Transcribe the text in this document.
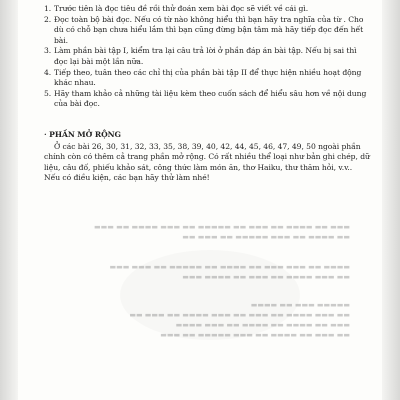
▬▬▬ ▬▬ ▬▬▬▬ ▬▬ ▬▬▬ ▬▬ ▬▬▬▬▬ ▬▬ ▬▬▬ ▬▬▬▬ ▬▬ ▬▬▬
▬▬ ▬▬▬▬ ▬▬ ▬▬▬ ▬▬▬▬▬ ▬▬ ▬▬▬ ▬▬
▬▬▬▬ ▬▬ ▬▬▬ ▬▬▬ ▬▬ ▬▬▬▬ ▬▬ ▬▬▬▬▬ ▬▬ ▬▬▬ ▬▬▬
▬▬ ▬▬▬ ▬▬▬▬ ▬▬ ▬▬▬ ▬▬ ▬▬▬▬ ▬▬▬
▬▬▬▬▬ ▬▬▬ ▬▬ ▬▬▬▬
▬▬ ▬▬▬ ▬▬▬▬ ▬▬ ▬▬▬ ▬▬ ▬▬▬ ▬▬▬▬ ▬▬ ▬▬▬ ▬▬
▬▬▬ ▬▬ ▬▬▬▬ ▬▬ ▬▬▬▬ ▬▬ ▬▬▬ ▬▬▬▬
▬▬ ▬▬▬ ▬▬ ▬▬▬▬ ▬▬ ▬▬▬ ▬▬▬▬▬ ▬▬ ▬▬▬
1. Trước tiên là đọc tiêu đề rồi thử đoán xem bài đọc sẽ viết về cái gì.
2. Đọc toàn bộ bài đọc. Nếu có từ nào không hiểu thì bạn hãy tra nghĩa của từ . Cho dù có chỗ bạn chưa hiểu lắm thì bạn cũng đừng bận tâm mà hãy tiếp đọc đến hết bài.
3. Làm phần bài tập I, kiểm tra lại câu trả lời ở phần đáp án bài tập. Nếu bị sai thì đọc lại bài một lần nữa.
4. Tiếp theo, tuân theo các chỉ thị của phần bài tập II để thực hiện nhiều hoạt động khác nhau.
5. Hãy tham khảo cả những tài liệu kèm theo cuốn sách để hiểu sâu hơn về nội dung của bài đọc.
· PHẦN MỞ RỘNG

Ở các bài 26, 30, 31, 32, 33, 35, 38, 39, 40, 42, 44, 45, 46, 47, 49, 50 ngoài phần chính còn có thêm cả trang phần mở rộng. Có rất nhiều thể loại như bản ghi chép, dữ liệu, câu đố, phiếu khảo sát, công thức làm món ăn, thơ Haiku, thư thăm hỏi, v.v.. Nếu có điều kiện, các bạn hãy thử làm nhé!
